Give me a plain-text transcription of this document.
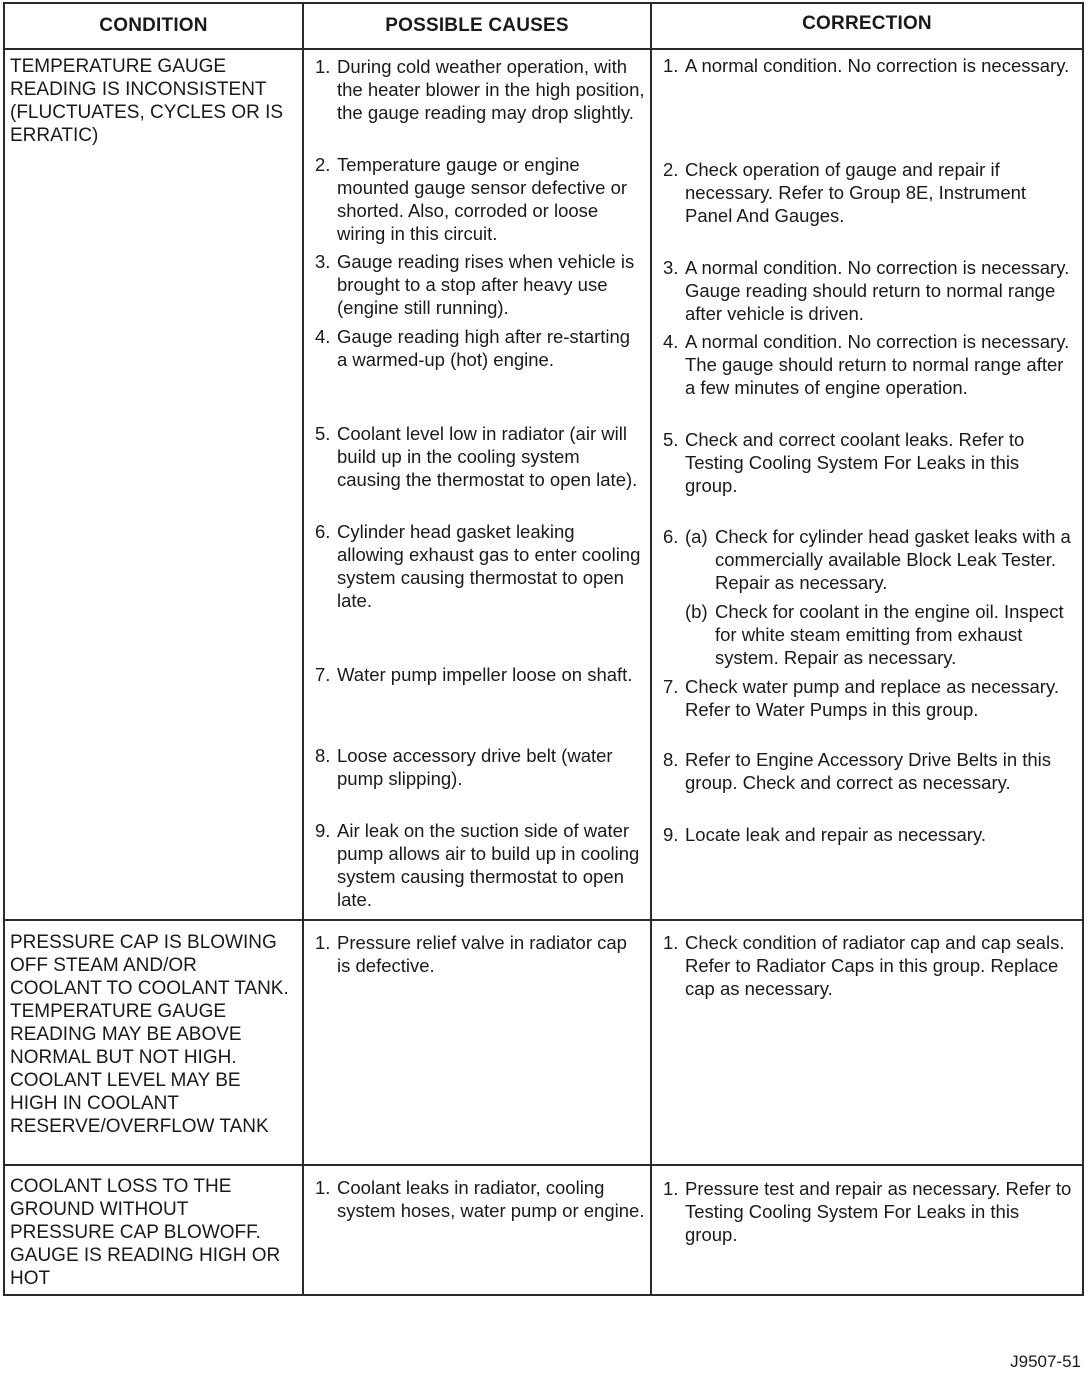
CONDITION	POSSIBLE CAUSES	CORRECTION
TEMPERATURE GAUGE READING IS INCONSISTENT (FLUCTUATES, CYCLES OR IS ERRATIC)
1. During cold weather operation, with the heater blower in the high position, the gauge reading may drop slightly.
2. Temperature gauge or engine mounted gauge sensor defective or shorted. Also, corroded or loose wiring in this circuit.
3. Gauge reading rises when vehicle is brought to a stop after heavy use (engine still running).
4. Gauge reading high after re-starting a warmed-up (hot) engine.
5. Coolant level low in radiator (air will build up in the cooling system causing the thermostat to open late).
6. Cylinder head gasket leaking allowing exhaust gas to enter cooling system causing thermostat to open late.
7. Water pump impeller loose on shaft.
8. Loose accessory drive belt (water pump slipping).
9. Air leak on the suction side of water pump allows air to build up in cooling system causing thermostat to open late.
1. A normal condition. No correction is necessary.
2. Check operation of gauge and repair if necessary. Refer to Group 8E, Instrument Panel And Gauges.
3. A normal condition. No correction is necessary. Gauge reading should return to normal range after vehicle is driven.
4. A normal condition. No correction is necessary. The gauge should return to normal range after a few minutes of engine operation.
5. Check and correct coolant leaks. Refer to Testing Cooling System For Leaks in this group.
6. (a) Check for cylinder head gasket leaks with a commercially available Block Leak Tester. Repair as necessary.
(b) Check for coolant in the engine oil. Inspect for white steam emitting from exhaust system. Repair as necessary.
7. Check water pump and replace as necessary. Refer to Water Pumps in this group.
8. Refer to Engine Accessory Drive Belts in this group. Check and correct as necessary.
9. Locate leak and repair as necessary.
PRESSURE CAP IS BLOWING OFF STEAM AND/OR COOLANT TO COOLANT TANK. TEMPERATURE GAUGE READING MAY BE ABOVE NORMAL BUT NOT HIGH. COOLANT LEVEL MAY BE HIGH IN COOLANT RESERVE/OVERFLOW TANK
1. Pressure relief valve in radiator cap is defective.
1. Check condition of radiator cap and cap seals. Refer to Radiator Caps in this group. Replace cap as necessary.
COOLANT LOSS TO THE GROUND WITHOUT PRESSURE CAP BLOWOFF. GAUGE IS READING HIGH OR HOT
1. Coolant leaks in radiator, cooling system hoses, water pump or engine.
1. Pressure test and repair as necessary. Refer to Testing Cooling System For Leaks in this group.
J9507-51
